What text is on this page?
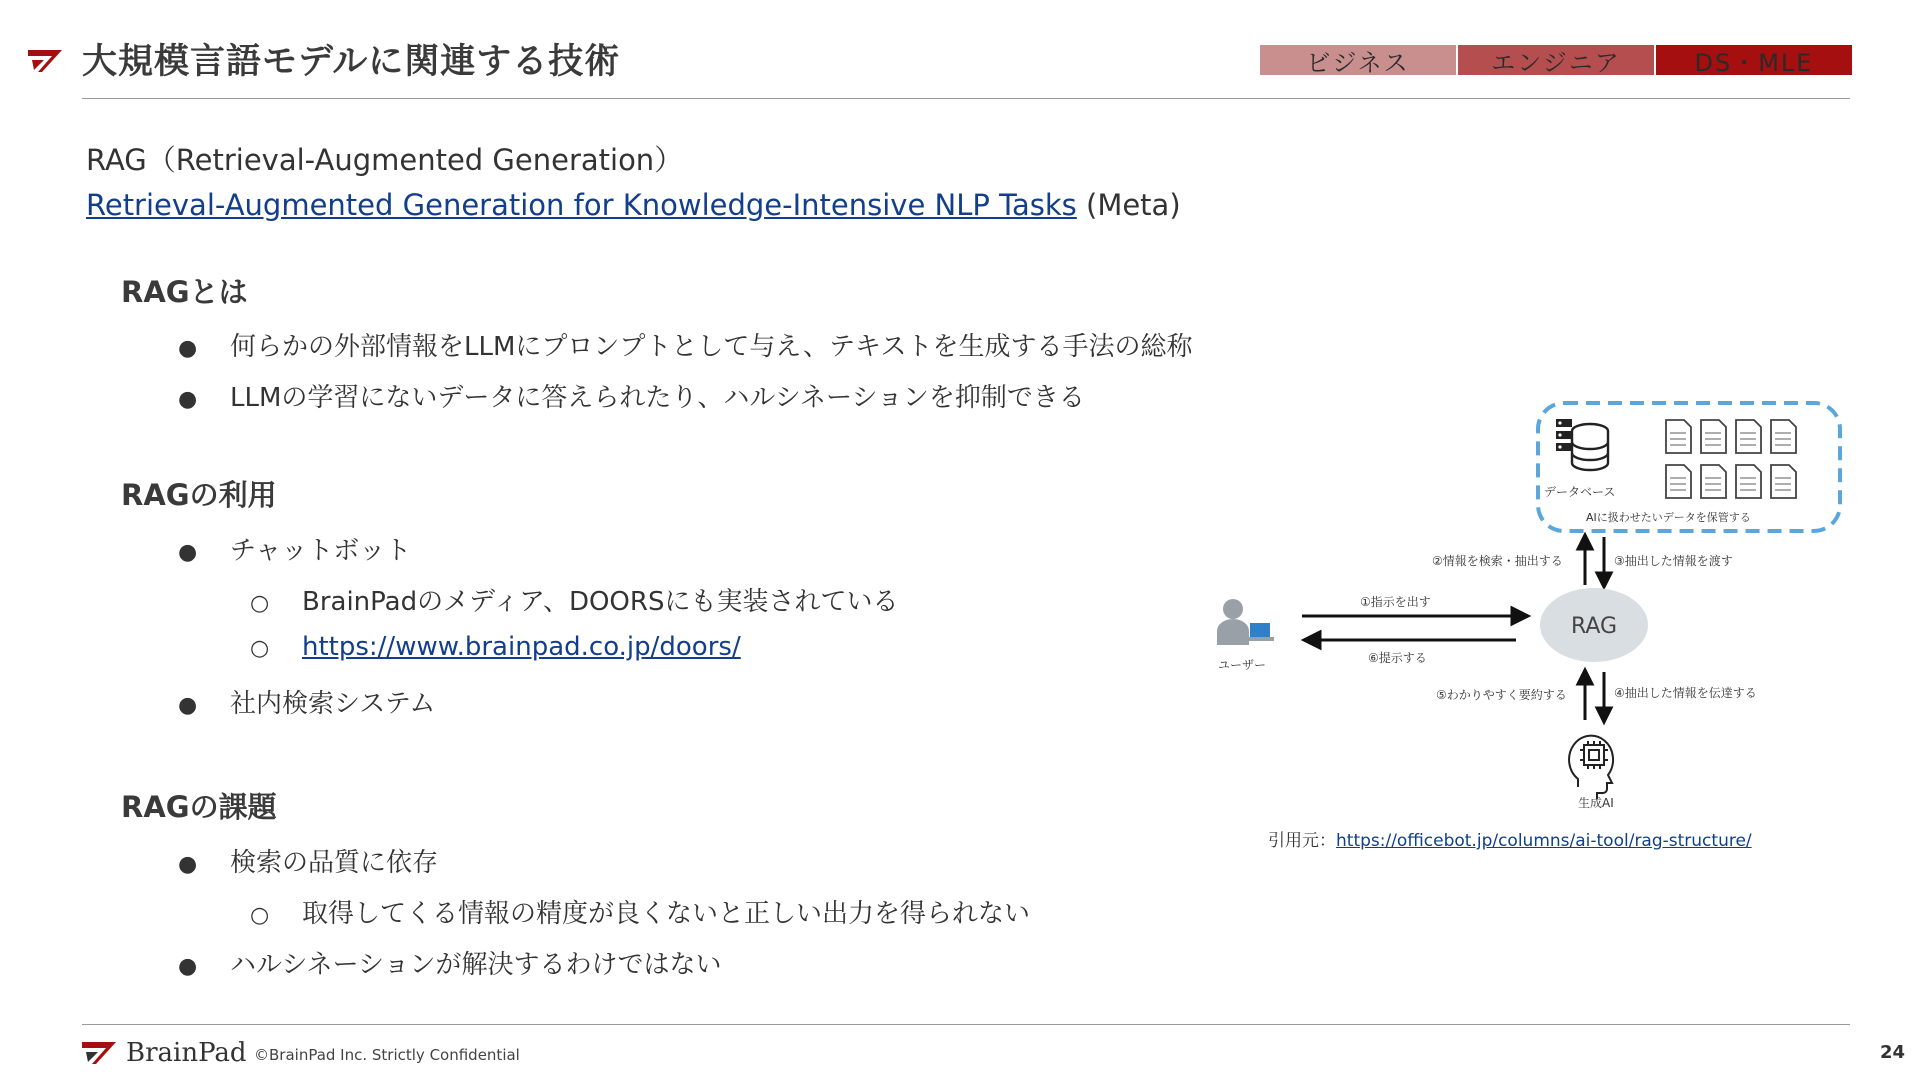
大規模言語モデルに関連する技術	ビジネス	エンジニア	DS・MLE
RAG（Retrieval-Augmented Generation）
Retrieval-Augmented Generation for Knowledge-Intensive NLP Tasks (Meta)
RAGとは
● 何らかの外部情報をLLMにプロンプトとして与え、テキストを生成する手法の総称
● LLMの学習にないデータに答えられたり、ハルシネーションを抑制できる
RAGの利用
● チャットボット
○ BrainPadのメディア、DOORSにも実装されている
○ https://www.brainpad.co.jp/doors/
● 社内検索システム
RAGの課題
● 検索の品質に依存
○ 取得してくる情報の精度が良くないと正しい出力を得られない
● ハルシネーションが解決するわけではない
データベース
AIに扱わせたいデータを保管する
②情報を検索・抽出する	③抽出した情報を渡す
RAG
ユーザー
①指示を出す
⑥提示する
⑤わかりやすく要約する	④抽出した情報を伝達する
生成AI
引用元：https://officebot.jp/columns/ai-tool/rag-structure/
BrainPad ©BrainPad Inc. Strictly Confidential	24
